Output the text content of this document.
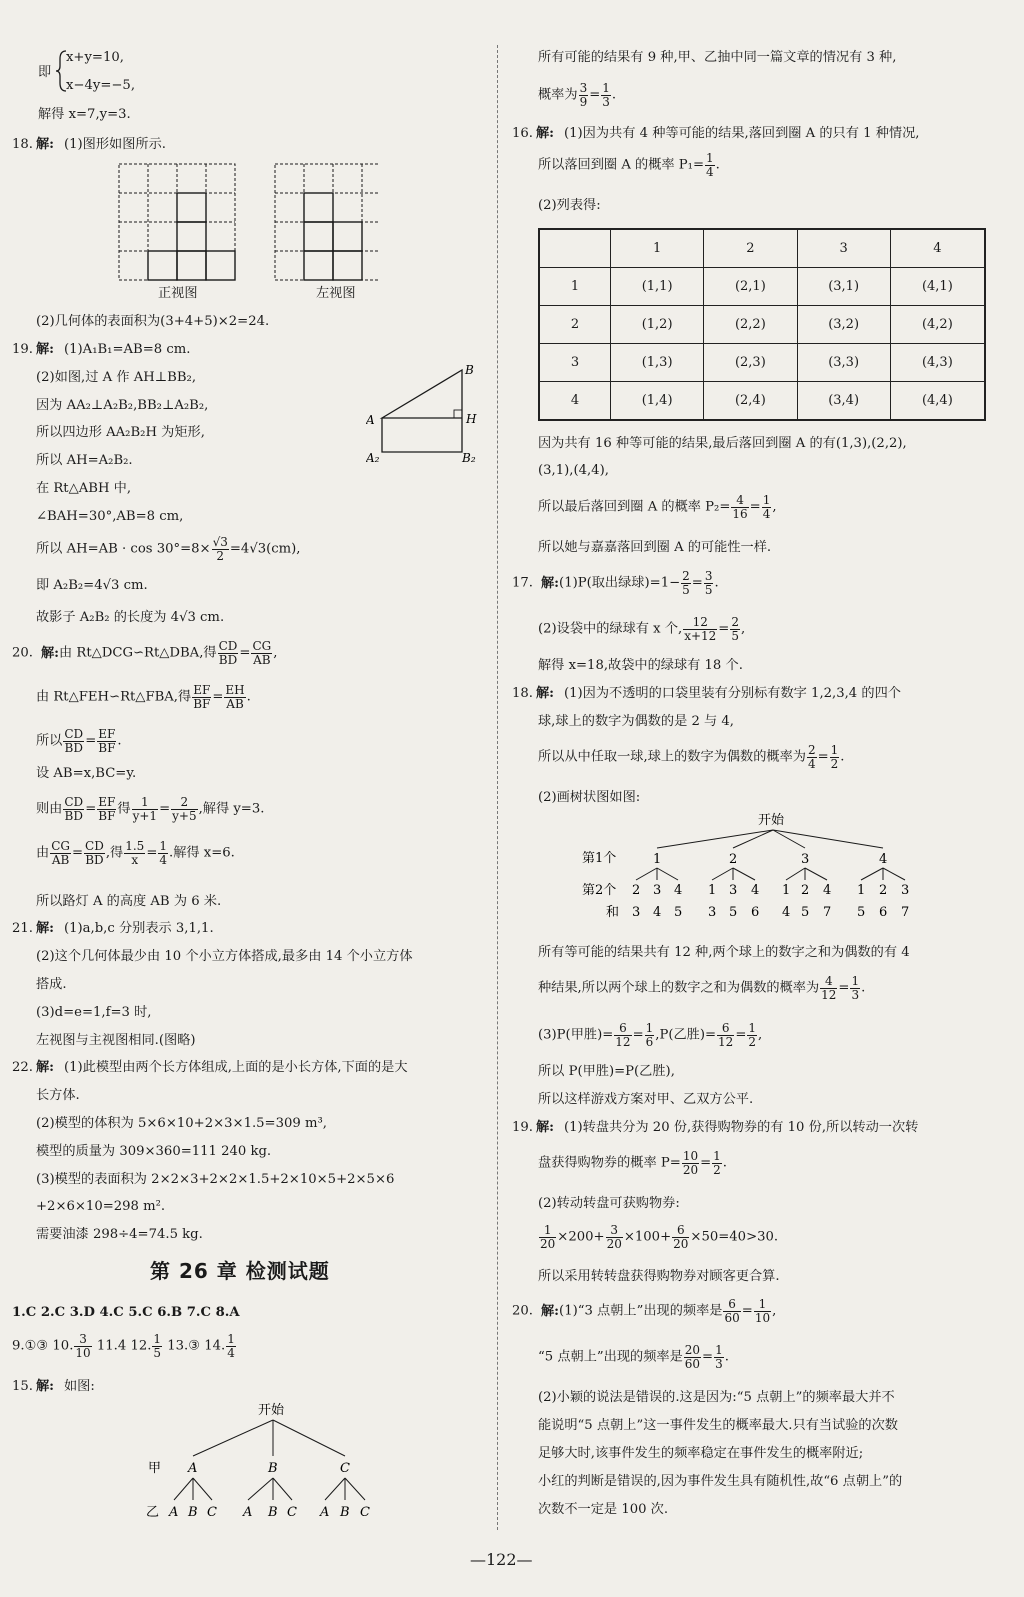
即
x+y=10,
x−4y=−5,
解得 x=7,y=3.
18. 解: (1)图形如图所示.
正视图	左视图
(2)几何体的表面积为(3+4+5)×2=24.
19. 解: (1)A₁B₁=AB=8 cm.
(2)如图,过 A 作 AH⊥BB₂,
因为 AA₂⊥A₂B₂,BB₂⊥A₂B₂,
所以四边形 AA₂B₂H 为矩形,
所以 AH=A₂B₂.
在 Rt△ABH 中,
∠BAH=30°,AB=8 cm,
所以 $AH=AB \cdot \cos 30^\circ=8\times \frac{√3}{2} =4√3(cm)$,
即 A₂B₂=4√3 cm.
故影子 A₂B₂ 的长度为 4√3 cm.
A
B
H
A₂	B₂
20. 解:由 Rt△DCG∽Rt△DBA,得 $\frac{CD}{BD} = \frac{CG}{AB}$ ,
由 Rt△FEH∽Rt△FBA,得 $\frac{EF}{BF} = \frac{EH}{AB}$ .
所以 $\frac{CD}{BD} = \frac{EF}{BF}$ .
设 AB=x,BC=y.
则由 $\frac{CD}{BD} = \frac{EF}{BF}$ 得 $\frac{1}{y+1} = \frac{2}{y+5}$ ,解得 y=3.
由 $\frac{CG}{AB} = \frac{CD}{BD}$ ,得 $\frac{1.5}{x} = \frac{1}{4}$ .解得 x=6.
所以路灯 A 的高度 AB 为 6 米.
21. 解: (1)a,b,c 分别表示 3,1,1.
(2)这个几何体最少由 10 个小立方体搭成,最多由 14 个小立方体
搭成.
(3)d=e=1,f=3 时,
左视图与主视图相同.(图略)
22. 解: (1)此模型由两个长方体组成,上面的是小长方体,下面的是大
长方体.
(2)模型的体积为 5×6×10+2×3×1.5=309 m³,
模型的质量为 309×360=111 240 kg.
(3)模型的表面积为 2×2×3+2×2×1.5+2×10×5+2×5×6
+2×6×10=298 m².
需要油漆 298÷4=74.5 kg.
第 26 章 检测试题
1.C 2.C 3.D 4.C 5.C 6.B 7.C 8.A
9.①③ 10. $\frac{3}{10} 11.4$ 12. $\frac{1}{5}$ 13.③ 14. $\frac{1}{4}$
15. 解: 如图:
开始
甲 A	B	C
乙 A B C A B C A B C
所有可能的结果有 9 种,甲、乙抽中同一篇文章的情况有 3 种,
概率为 $\frac{3}{9} = \frac{1}{3}$ .
16. 解: (1)因为共有 4 种等可能的结果,落回到圈 A 的只有 1 种情况,
所以落回到圈 A 的概率 $P_1= \frac{1}{4}$ .
(2)列表得:
	1	2	3	4
1	(1,1)	(2,1)	(3,1)	(4,1)
2	(1,2)	(2,2)	(3,2)	(4,2)
3	(1,3)	(2,3)	(3,3)	(4,3)
4	(1,4)	(2,4)	(3,4)	(4,4)
因为共有 16 种等可能的结果,最后落回到圈 A 的有(1,3),(2,2),
(3,1),(4,4),
所以最后落回到圈 A 的概率 $P_2= \frac{4}{16} = \frac{1}{4}$ ,
所以她与嘉嘉落回到圈 A 的可能性一样.
17. 解:(1)P(取出绿球)$=1- \frac{2}{5} = \frac{3}{5}$ .
(2)设袋中的绿球有 x 个, $\frac{12}{x+12} = \frac{2}{5}$ ,
解得 x=18,故袋中的绿球有 18 个.
18. 解: (1)因为不透明的口袋里装有分别标有数字 1,2,3,4 的四个
球,球上的数字为偶数的是 2 与 4,
所以从中任取一球,球上的数字为偶数的概率为 $\frac{2}{4} = \frac{1}{2}$ .
(2)画树状图如图:
开始
第1个	1	2	3	4
第2个 2 3 4 1 3 4 1 2 4 1 2 3
和 3 4 5 3 5 6 4 5 7 5 6 7
所有等可能的结果共有 12 种,两个球上的数字之和为偶数的有 4
种结果,所以两个球上的数字之和为偶数的概率为 $\frac{4}{12} = \frac{1}{3}$ .
(3)P(甲胜)= $\frac{6}{12} = \frac{1}{6} ,P$(乙胜)= $\frac{6}{12} = \frac{1}{2}$ ,
所以 P(甲胜)=P(乙胜),
所以这样游戏方案对甲、乙双方公平.
19. 解: (1)转盘共分为 20 份,获得购物券的有 10 份,所以转动一次转
盘获得购物券的概率 $P= \frac{10}{20} = \frac{1}{2}$ .
(2)转动转盘可获购物券:
$\frac{1}{20} \times 200+ \frac{3}{20} \times 100+ \frac{6}{20} \times 50=40>30$.
所以采用转转盘获得购物券对顾客更合算.
20. 解:(1)“3 点朝上”出现的频率是 $\frac{6}{60} = \frac{1}{10}$ ,
“5 点朝上”出现的频率是 $\frac{20}{60} = \frac{1}{3}$ .
(2)小颖的说法是错误的.这是因为:“5 点朝上”的频率最大并不
能说明“5 点朝上”这一事件发生的概率最大.只有当试验的次数
足够大时,该事件发生的频率稳定在事件发生的概率附近;
小红的判断是错误的,因为事件发生具有随机性,故“6 点朝上”的
次数不一定是 100 次.
—122—
